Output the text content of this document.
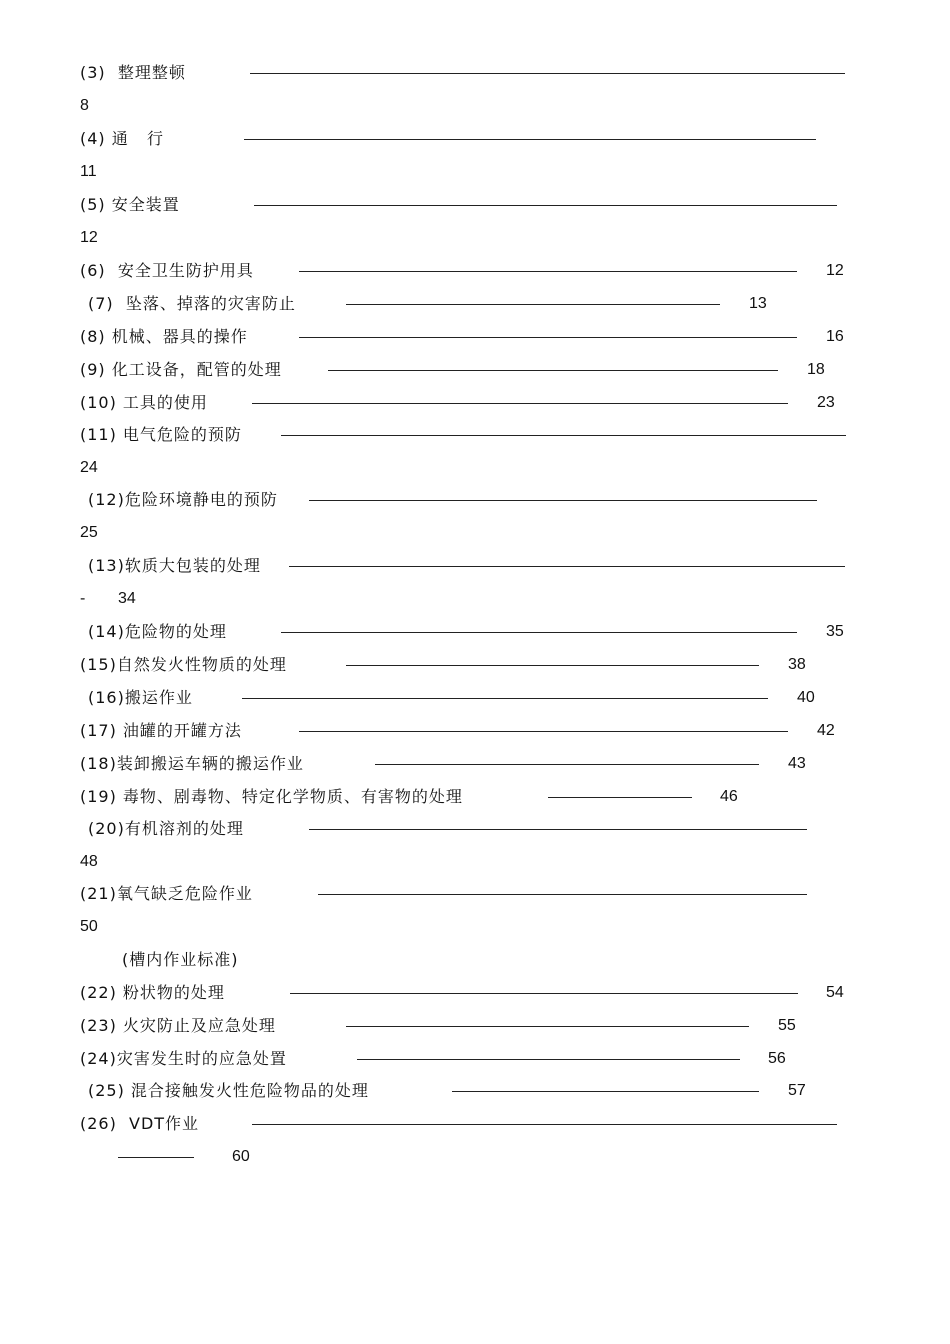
(3)  整理整顿
8
(4) 通   行
11
(5) 安全装置
12
(6)  安全卫生防护用具	12
(7)  坠落、掉落的灾害防止	13
(8) 机械、器具的操作	16
(9) 化工设备，配管的处理	18
(10) 工具的使用	23
(11) 电气危险的预防
24
(12)危险环境静电的预防
25
(13)软质大包装的处理
- 34
(14)危险物的处理	35
(15)自然发火性物质的处理	38
(16)搬运作业	40
(17) 油罐的开罐方法	42
(18)装卸搬运车辆的搬运作业	43
(19) 毒物、剧毒物、特定化学物质、有害物的处理	46
(20)有机溶剂的处理
48
(21)氧气缺乏危险作业
50
(槽内作业标准)
(22) 粉状物的处理	54
(23) 火灾防止及应急处理	55
(24)灾害发生时的应急处置	56
(25) 混合接触发火性危险物品的处理	57
(26)  VDT作业
60
